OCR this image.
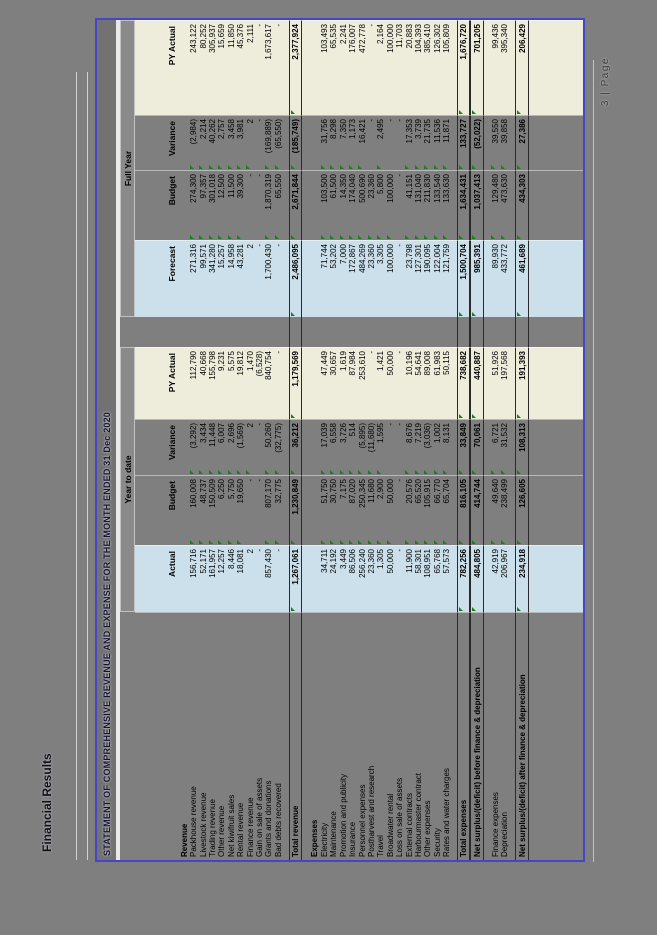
Financial Results	STATEMENT OF COMPREHENSIVE REVENUE AND EXPENSE FOR THE MONTH ENDED 31 Dec 2020	Year to date
Full Year
Actual
Budget
Variance
PY Actual
Forecast
Budget
Variance
PY Actual
Revenue Packhouse revenue
156,716
160,008
(3,292)
112,790
271,316
274,300
(2,984)
243,122
Livestock revenue
52,171
48,737
3,434
40,668
99,571
97,357
2,214
80,252
Trading revenue
161,957
150,509
11,448
155,798
341,280
301,018
40,262
305,937
Other revenue
12,257
6,250
6,007
9,231
15,257
12,500
2,757
15,659
Net kiwifruit sales
8,446
5,750
2,696
5,575
14,958
11,500
3,458
11,850
Rental revenue
18,081
19,650
(1,569)
19,812
43,281
39,300
3,981
45,376
Finance revenue
2
-
2
1,470
2
-
2
2,111
Gain on sale of assets
-
-
-
(6,528)
-
-
-
-
Grants and donations
857,430
807,170
50,260
840,754
1,700,430
1,870,319
(169,889)
1,673,617
Bad debts recovered
-
32,775
(32,775)
-
-
65,550
(65,550)
-
Total revenue
1,267,061
1,230,849
36,212
1,179,569
2,486,095
2,671,844
(185,749)
2,377,924
Expenses Electricity
34,711
51,750
17,039
47,449
71,744
103,500
31,756
103,493
Maintenance
24,192
30,750
6,558
30,657
53,202
61,500
8,298
65,535
Promotion and publicity
3,449
7,175
3,726
1,619
7,000
14,350
7,350
2,241
Insurance
86,506
87,020
514
87,984
172,867
174,040
1,173
176,007
Personnel expenses
256,240
250,345
(5,895)
253,610
484,269
500,690
16,421
472,778
Postharvest and research
23,360
11,680
(11,680)
-
23,360
23,360
-
-
Travel
1,305
2,900
1,595
1,421
3,305
5,800
2,495
2,164
Broadwater rental
50,000
50,000
-
50,000
100,000
100,000
-
100,000
Loss on sale of assets
-
-
-
-
-
-
-
11,703
External contracts
11,900
20,576
8,676
10,196
23,798
41,151
17,353
20,883
Harbourmaster contract
58,301
65,520
7,219
54,641
127,301
131,040
3,739
104,393
Other expenses
108,951
105,915
(3,036)
89,008
190,095
211,830
21,735
385,410
Security
65,768
66,770
1,002
61,983
122,004
133,540
11,536
126,302
Rates and water charges
57,573
65,704
8,131
50,115
121,759
133,630
11,871
105,809
Total expenses
782,256
816,105
33,849
738,682
1,500,704
1,634,431
133,727
1,676,720
Net surplus/(deficit) before finance & depreciation
484,805
414,744
70,061
440,887
985,391
1,037,413
(52,022)
701,205
Finance expenses
42,919
49,640
6,721
51,926
89,930
129,480
39,550
99,436
Depreciation
206,967
238,499
31,532
197,568
433,772
473,630
39,858
395,340
Net surplus/(deficit) after finance & depreciation
234,918
126,605
108,313
191,393
461,689
434,303
27,386
206,429
3 | Page
